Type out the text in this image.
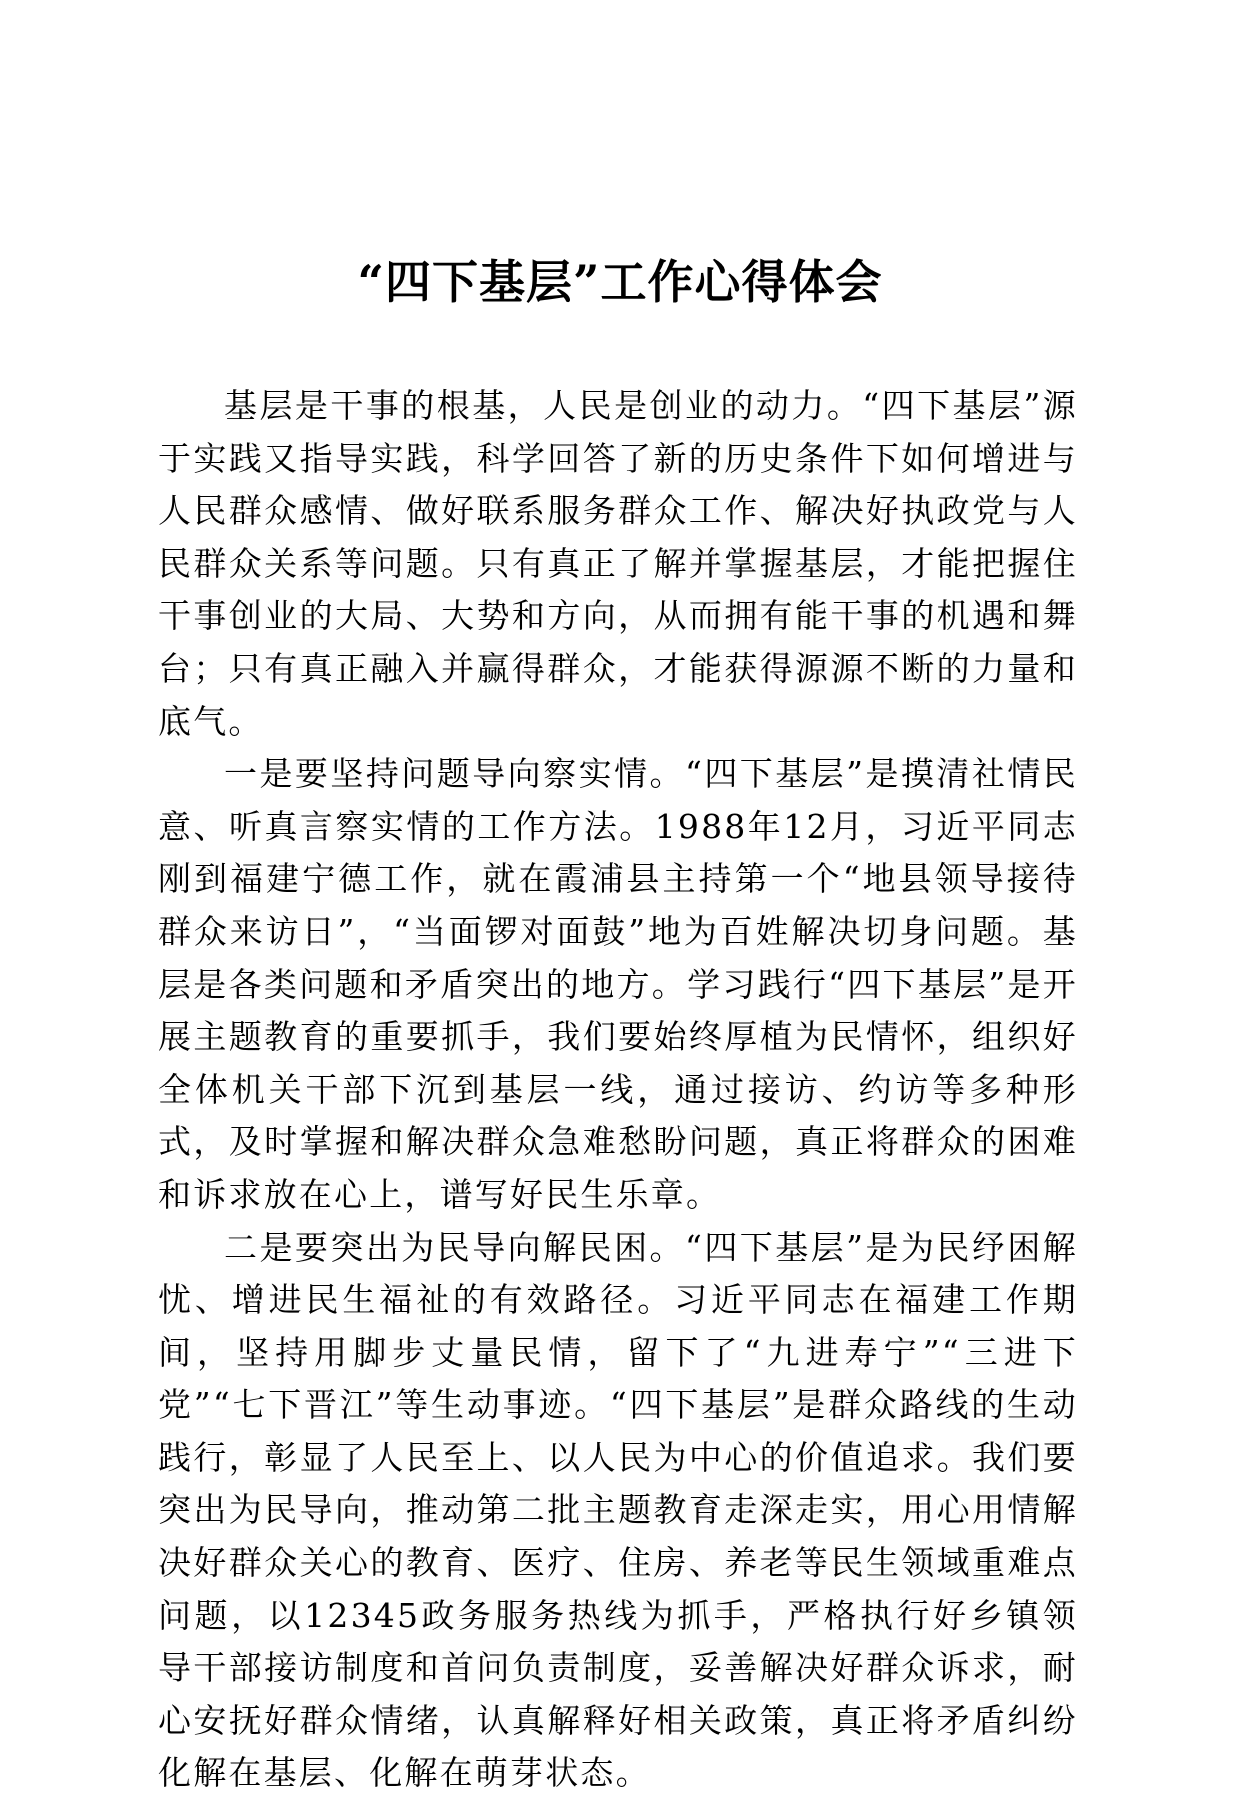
“四下基层”工作心得体会

基层是干事的根基，人民是创业的动力。“四下基层”源于实践又指导实践，科学回答了新的历史条件下如何增进与人民群众感情、做好联系服务群众工作、解决好执政党与人民群众关系等问题。只有真正了解并掌握基层，才能把握住干事创业的大局、大势和方向，从而拥有能干事的机遇和舞台；只有真正融入并赢得群众，才能获得源源不断的力量和底气。

一是要坚持问题导向察实情。“四下基层”是摸清社情民意、听真言察实情的工作方法。1988年12月，习近平同志刚到福建宁德工作，就在霞浦县主持第一个“地县领导接待群众来访日”，“当面锣对面鼓”地为百姓解决切身问题。基层是各类问题和矛盾突出的地方。学习践行“四下基层”是开展主题教育的重要抓手，我们要始终厚植为民情怀，组织好全体机关干部下沉到基层一线，通过接访、约访等多种形式，及时掌握和解决群众急难愁盼问题，真正将群众的困难和诉求放在心上，谱写好民生乐章。

二是要突出为民导向解民困。“四下基层”是为民纾困解忧、增进民生福祉的有效路径。习近平同志在福建工作期间，坚持用脚步丈量民情，留下了“九进寿宁”“三进下党”“七下晋江”等生动事迹。“四下基层”是群众路线的生动践行，彰显了人民至上、以人民为中心的价值追求。我们要突出为民导向，推动第二批主题教育走深走实，用心用情解决好群众关心的教育、医疗、住房、养老等民生领域重难点问题，以12345政务服务热线为抓手，严格执行好乡镇领导干部接访制度和首问负责制度，妥善解决好群众诉求，耐心安抚好群众情绪，认真解释好相关政策，真正将矛盾纠纷化解在基层、化解在萌芽状态。
